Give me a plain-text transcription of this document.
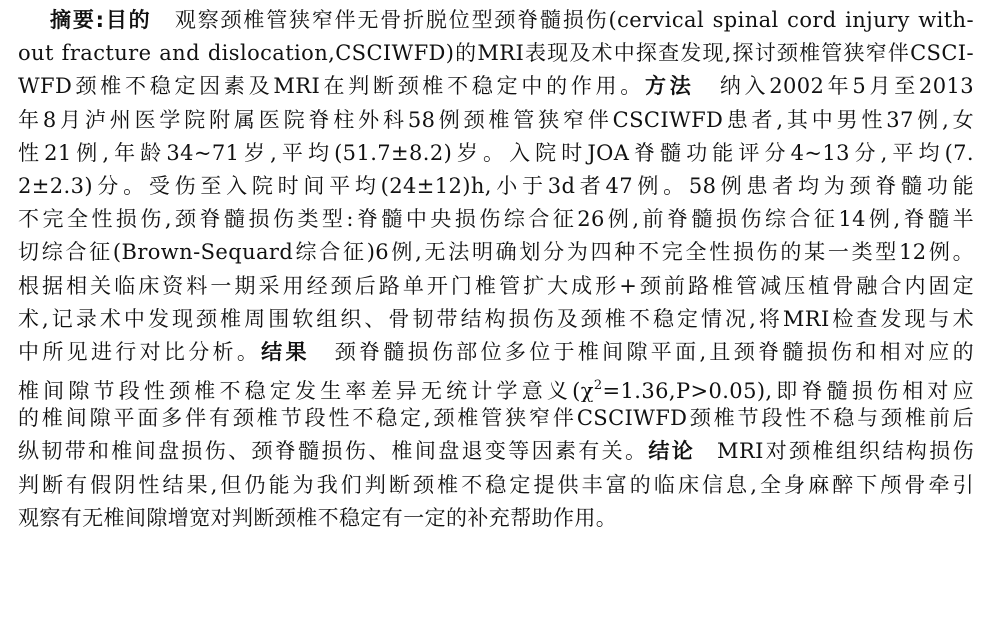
摘要:目的 观察颈椎管狭窄伴无骨折脱位型颈脊髓损伤(cervical spinal cord injury with-
out fracture and dislocation,CSCIWFD)的MRI表现及术中探查发现,探讨颈椎管狭窄伴CSCI-
WFD颈椎不稳定因素及MRI在判断颈椎不稳定中的作用。方法 纳入2002年5月至2013
年8月泸州医学院附属医院脊柱外科58例颈椎管狭窄伴CSCIWFD患者,其中男性37例,女
性21例,年龄34~71岁,平均(51.7±8.2)岁。入院时JOA脊髓功能评分4~13分,平均(7.
2±2.3)分。受伤至入院时间平均(24±12)h,小于3d者47例。58例患者均为颈脊髓功能
不完全性损伤,颈脊髓损伤类型:脊髓中央损伤综合征26例,前脊髓损伤综合征14例,脊髓半
切综合征(Brown-Sequard综合征)6例,无法明确划分为四种不完全性损伤的某一类型12例。
根据相关临床资料一期采用经颈后路单开门椎管扩大成形+颈前路椎管减压植骨融合内固定
术,记录术中发现颈椎周围软组织、骨韧带结构损伤及颈椎不稳定情况,将MRI检查发现与术
中所见进行对比分析。结果 颈脊髓损伤部位多位于椎间隙平面,且颈脊髓损伤和相对应的
椎间隙节段性颈椎不稳定发生率差异无统计学意义$(\chi^2=1.36,P>0.05)$,即脊髓损伤相对应
的椎间隙平面多伴有颈椎节段性不稳定,颈椎管狭窄伴CSCIWFD颈椎节段性不稳与颈椎前后
纵韧带和椎间盘损伤、颈脊髓损伤、椎间盘退变等因素有关。结论 MRI对颈椎组织结构损伤
判断有假阴性结果,但仍能为我们判断颈椎不稳定提供丰富的临床信息,全身麻醉下颅骨牵引
观察有无椎间隙增宽对判断颈椎不稳定有一定的补充帮助作用。
